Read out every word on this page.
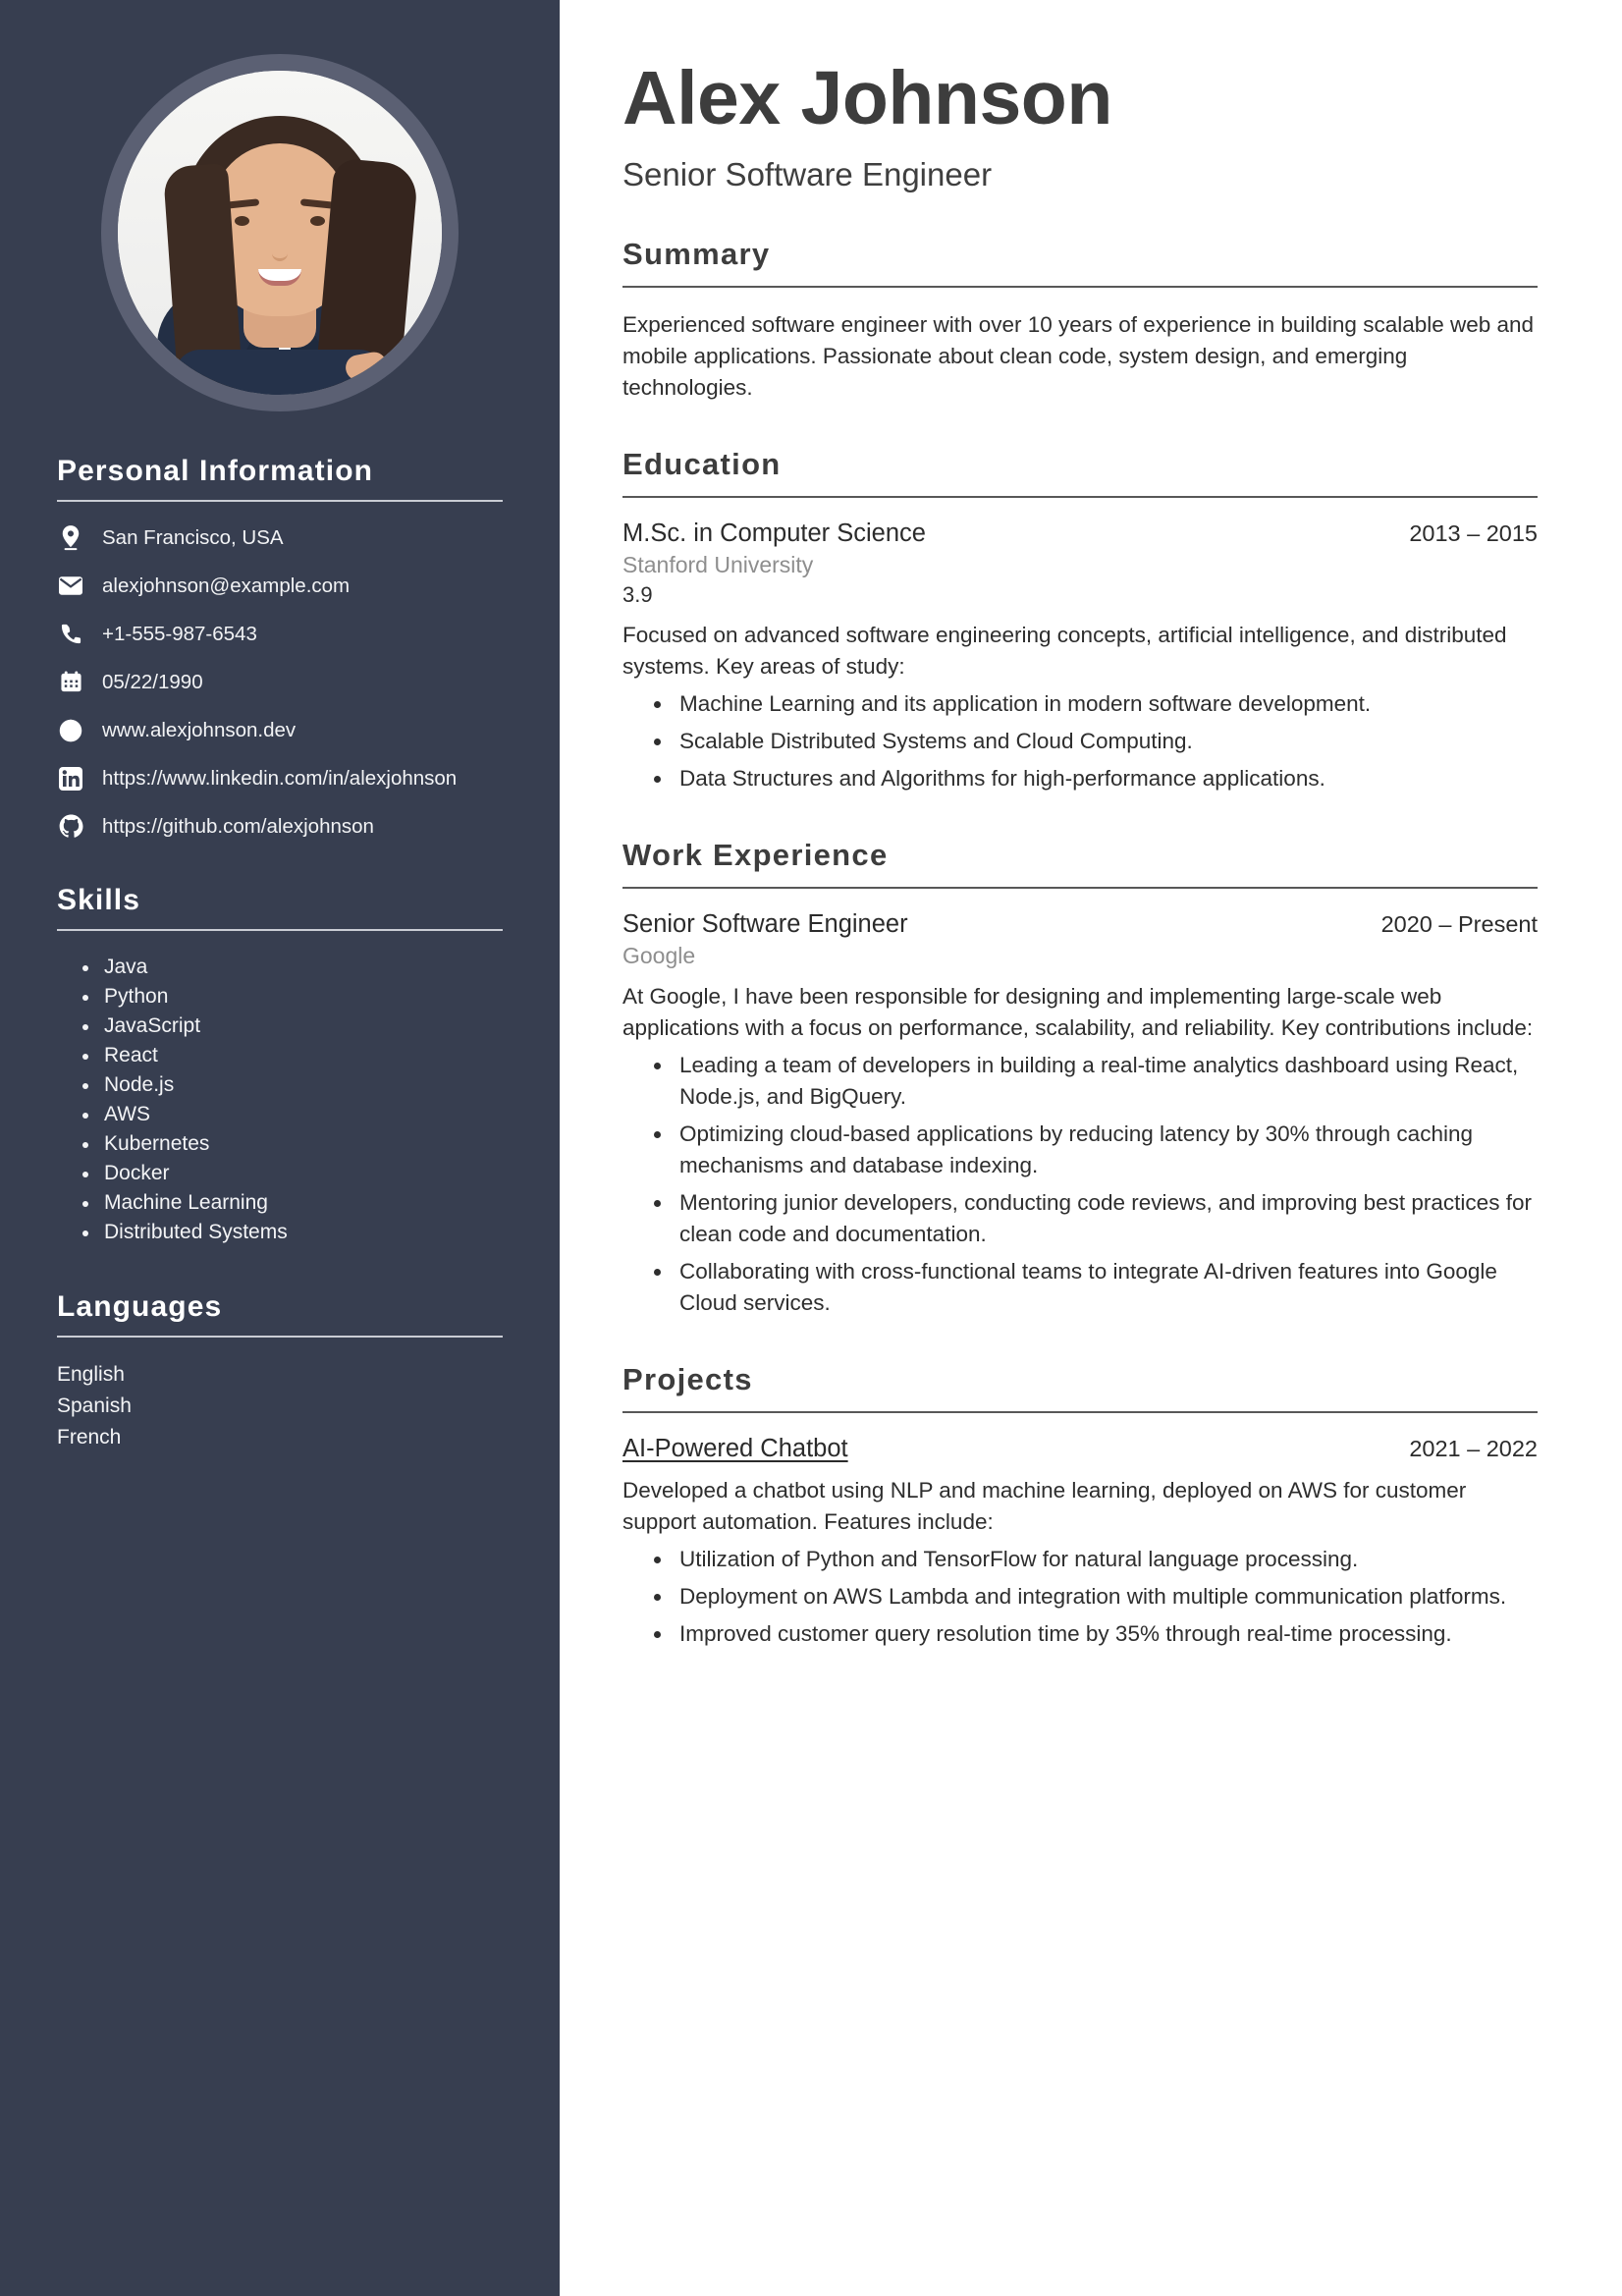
Personal Information
San Francisco, USA
alexjohnson@example.com
+1-555-987-6543
05/22/1990
www.alexjohnson.dev
https://www.linkedin.com/in/alexjohnson
https://github.com/alexjohnson
Skills
Java
Python
JavaScript
React
Node.js
AWS
Kubernetes
Docker
Machine Learning
Distributed Systems
Languages
English
Spanish
French
Alex Johnson
Senior Software Engineer
Summary

Experienced software engineer with over 10 years of experience in building scalable web and mobile applications. Passionate about clean code, system design, and emerging technologies.

Education
M.Sc. in Computer Science	2013 – 2015
Stanford University
3.9

Focused on advanced software engineering concepts, artificial intelligence, and distributed systems. Key areas of study:

Machine Learning and its application in modern software development.
Scalable Distributed Systems and Cloud Computing.
Data Structures and Algorithms for high-performance applications.
Work Experience
Senior Software Engineer	2020 – Present
Google

At Google, I have been responsible for designing and implementing large-scale web applications with a focus on performance, scalability, and reliability. Key contributions include:

Leading a team of developers in building a real-time analytics dashboard using React, Node.js, and BigQuery.
Optimizing cloud-based applications by reducing latency by 30% through caching mechanisms and database indexing.
Mentoring junior developers, conducting code reviews, and improving best practices for clean code and documentation.
Collaborating with cross-functional teams to integrate AI-driven features into Google Cloud services.
Projects
AI-Powered Chatbot	2021 – 2022

Developed a chatbot using NLP and machine learning, deployed on AWS for customer support automation. Features include:

Utilization of Python and TensorFlow for natural language processing.
Deployment on AWS Lambda and integration with multiple communication platforms.
Improved customer query resolution time by 35% through real-time processing.
